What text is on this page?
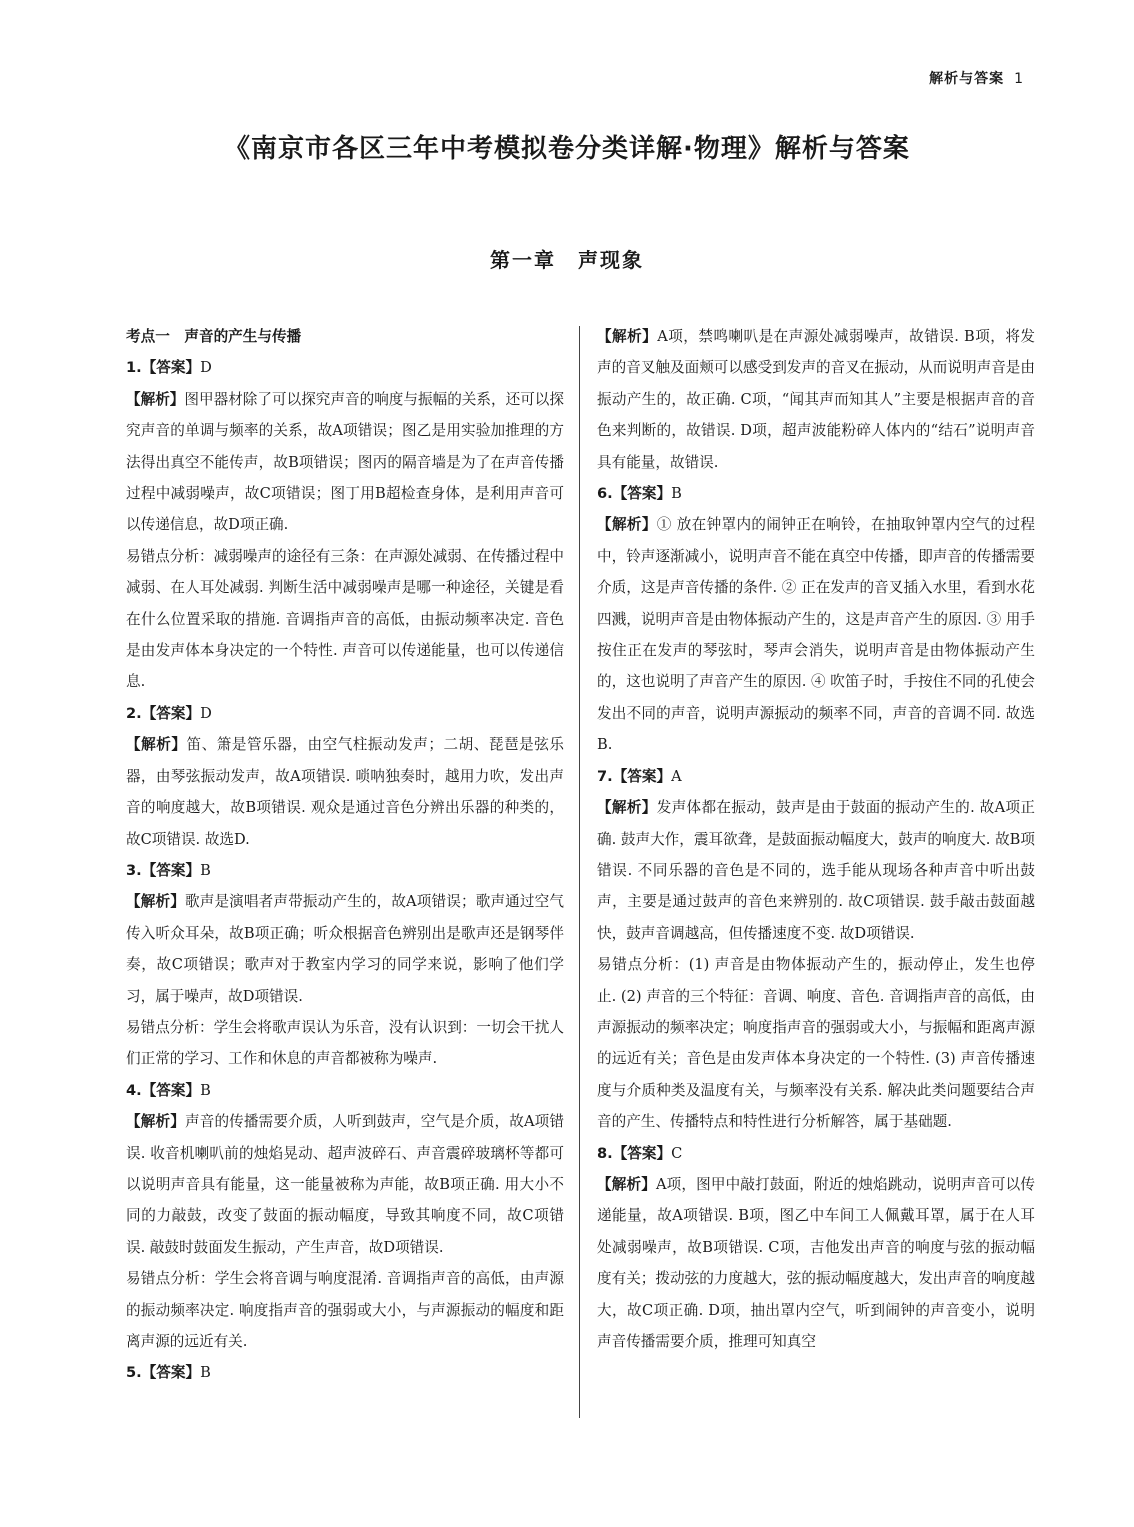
解析与答案 1
《南京市各区三年中考模拟卷分类详解·物理》解析与答案
第一章　声现象

考点一　声音的产生与传播

1.【答案】D

【解析】图甲器材除了可以探究声音的响度与振幅的关系，还可以探究声音的单调与频率的关系，故A项错误；图乙是用实验加推理的方法得出真空不能传声，故B项错误；图丙的隔音墙是为了在声音传播过程中减弱噪声，故C项错误；图丁用B超检查身体，是利用声音可以传递信息，故D项正确.

易错点分析：减弱噪声的途径有三条：在声源处减弱、在传播过程中减弱、在人耳处减弱. 判断生活中减弱噪声是哪一种途径，关键是看在什么位置采取的措施. 音调指声音的高低，由振动频率决定. 音色是由发声体本身决定的一个特性. 声音可以传递能量，也可以传递信息.

2.【答案】D

【解析】笛、箫是管乐器，由空气柱振动发声；二胡、琵琶是弦乐器，由琴弦振动发声，故A项错误. 唢呐独奏时，越用力吹，发出声音的响度越大，故B项错误. 观众是通过音色分辨出乐器的种类的，故C项错误. 故选D.

3.【答案】B

【解析】歌声是演唱者声带振动产生的，故A项错误；歌声通过空气传入听众耳朵，故B项正确；听众根据音色辨别出是歌声还是钢琴伴奏，故C项错误；歌声对于教室内学习的同学来说，影响了他们学习，属于噪声，故D项错误.

易错点分析：学生会将歌声误认为乐音，没有认识到：一切会干扰人们正常的学习、工作和休息的声音都被称为噪声.

4.【答案】B

【解析】声音的传播需要介质，人听到鼓声，空气是介质，故A项错误. 收音机喇叭前的烛焰晃动、超声波碎石、声音震碎玻璃杯等都可以说明声音具有能量，这一能量被称为声能，故B项正确. 用大小不同的力敲鼓，改变了鼓面的振动幅度，导致其响度不同，故C项错误. 敲鼓时鼓面发生振动，产生声音，故D项错误.

易错点分析：学生会将音调与响度混淆. 音调指声音的高低，由声源的振动频率决定. 响度指声音的强弱或大小，与声源振动的幅度和距离声源的远近有关.

5.【答案】B

【解析】A项，禁鸣喇叭是在声源处减弱噪声，故错误. B项，将发声的音叉触及面颊可以感受到发声的音叉在振动，从而说明声音是由振动产生的，故正确. C项，“闻其声而知其人”主要是根据声音的音色来判断的，故错误. D项，超声波能粉碎人体内的“结石”说明声音具有能量，故错误.

6.【答案】B

【解析】① 放在钟罩内的闹钟正在响铃，在抽取钟罩内空气的过程中，铃声逐渐减小，说明声音不能在真空中传播，即声音的传播需要介质，这是声音传播的条件. ② 正在发声的音叉插入水里，看到水花四溅，说明声音是由物体振动产生的，这是声音产生的原因. ③ 用手按住正在发声的琴弦时，琴声会消失，说明声音是由物体振动产生的，这也说明了声音产生的原因. ④ 吹笛子时，手按住不同的孔使会发出不同的声音，说明声源振动的频率不同，声音的音调不同. 故选B.

7.【答案】A

【解析】发声体都在振动，鼓声是由于鼓面的振动产生的. 故A项正确. 鼓声大作，震耳欲聋，是鼓面振动幅度大，鼓声的响度大. 故B项错误. 不同乐器的音色是不同的，选手能从现场各种声音中听出鼓声，主要是通过鼓声的音色来辨别的. 故C项错误. 鼓手敲击鼓面越快，鼓声音调越高，但传播速度不变. 故D项错误.

易错点分析：(1) 声音是由物体振动产生的，振动停止，发生也停止. (2) 声音的三个特征：音调、响度、音色. 音调指声音的高低，由声源振动的频率决定；响度指声音的强弱或大小，与振幅和距离声源的远近有关；音色是由发声体本身决定的一个特性. (3) 声音传播速度与介质种类及温度有关，与频率没有关系. 解决此类问题要结合声音的产生、传播特点和特性进行分析解答，属于基础题.

8.【答案】C

【解析】A项，图甲中敲打鼓面，附近的烛焰跳动，说明声音可以传递能量，故A项错误. B项，图乙中车间工人佩戴耳罩，属于在人耳处减弱噪声，故B项错误. C项，吉他发出声音的响度与弦的振动幅度有关；拨动弦的力度越大，弦的振动幅度越大，发出声音的响度越大，故C项正确. D项，抽出罩内空气，听到闹钟的声音变小，说明声音传播需要介质，推理可知真空
